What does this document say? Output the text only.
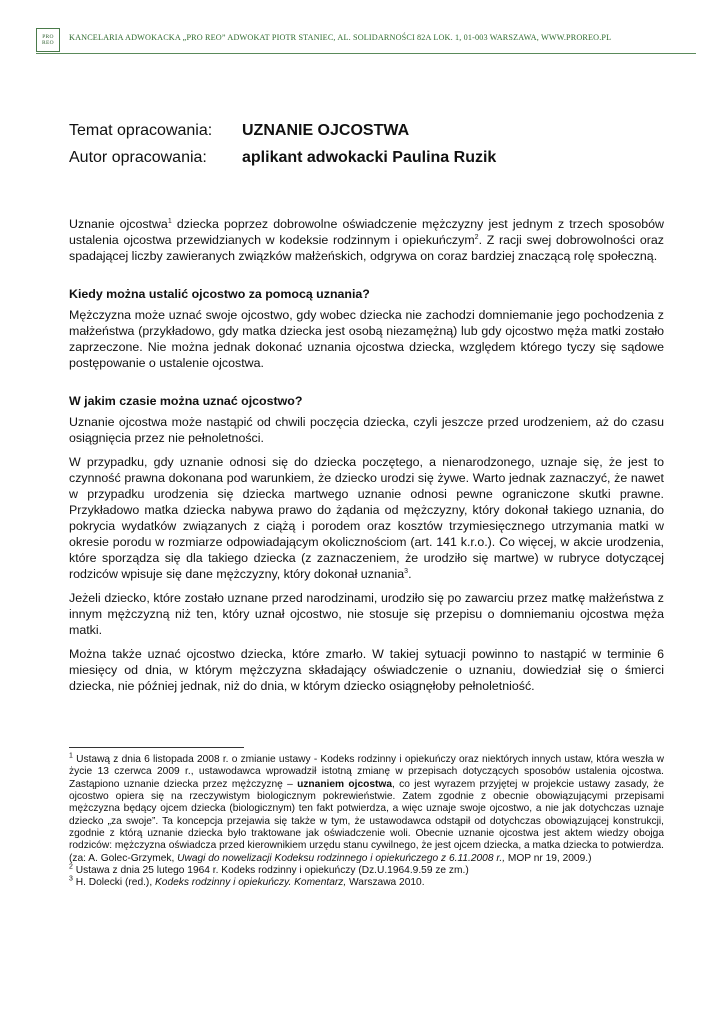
PRO
REO
KANCELARIA ADWOKACKA „PRO REO” ADWOKAT PIOTR STANIEC, AL. SOLIDARNOŚCI 82A LOK. 1, 01-003 WARSZAWA, WWW.PROREO.PL
Temat opracowania:	UZNANIE OJCOSTWA
Autor opracowania:	aplikant adwokacki Paulina Ruzik

Uznanie ojcostwa$^1$ dziecka poprzez dobrowolne oświadczenie mężczyzny jest jednym z trzech sposobów ustalenia ojcostwa przewidzianych w kodeksie rodzinnym i opiekuńczym$^2$. Z racji swej dobrowolności oraz spadającej liczby zawieranych związków małżeńskich, odgrywa on coraz bardziej znaczącą rolę społeczną.

Kiedy można ustalić ojcostwo za pomocą uznania?

Mężczyzna może uznać swoje ojcostwo, gdy wobec dziecka nie zachodzi domniemanie jego pochodzenia z małżeństwa (przykładowo, gdy matka dziecka jest osobą niezamężną) lub gdy ojcostwo męża matki zostało zaprzeczone. Nie można jednak dokonać uznania ojcostwa dziecka, względem którego tyczy się sądowe postępowanie o ustalenie ojcostwa.

W jakim czasie można uznać ojcostwo?

Uznanie ojcostwa może nastąpić od chwili poczęcia dziecka, czyli jeszcze przed urodzeniem, aż do czasu osiągnięcia przez nie pełnoletności.

W przypadku, gdy uznanie odnosi się do dziecka poczętego, a nienarodzonego, uznaje się, że jest to czynność prawna dokonana pod warunkiem, że dziecko urodzi się żywe. Warto jednak zaznaczyć, że nawet w przypadku urodzenia się dziecka martwego uznanie odnosi pewne ograniczone skutki prawne. Przykładowo matka dziecka nabywa prawo do żądania od mężczyzny, który dokonał takiego uznania, do pokrycia wydatków związanych z ciążą i porodem oraz kosztów trzymiesięcznego utrzymania matki w okresie porodu w rozmiarze odpowiadającym okolicznościom (art. 141 k.r.o.). Co więcej, w akcie urodzenia, które sporządza się dla takiego dziecka (z zaznaczeniem, że urodziło się martwe) w rubryce dotyczącej rodziców wpisuje się dane mężczyzny, który dokonał uznania$^3$.

Jeżeli dziecko, które zostało uznane przed narodzinami, urodziło się po zawarciu przez matkę małżeństwa z innym mężczyzną niż ten, który uznał ojcostwo, nie stosuje się przepisu o domniemaniu ojcostwa męża matki.

Można także uznać ojcostwo dziecka, które zmarło. W takiej sytuacji powinno to nastąpić w terminie 6 miesięcy od dnia, w którym mężczyzna składający oświadczenie o uznaniu, dowiedział się o śmierci dziecka, nie później jednak, niż do dnia, w którym dziecko osiągnęłoby pełnoletniość.

$^1$ Ustawą z dnia 6 listopada 2008 r. o zmianie ustawy - Kodeks rodzinny i opiekuńczy oraz niektórych innych ustaw, która weszła w życie 13 czerwca 2009 r., ustawodawca wprowadził istotną zmianę w przepisach dotyczących sposobów ustalenia ojcostwa. Zastąpiono uznanie dziecka przez mężczyznę – uznaniem ojcostwa, co jest wyrazem przyjętej w projekcie ustawy zasady, że ojcostwo opiera się na rzeczywistym biologicznym pokrewieństwie. Zatem zgodnie z obecnie obowiązującymi przepisami mężczyzna będący ojcem dziecka (biologicznym) ten fakt potwierdza, a więc uznaje swoje ojcostwo, a nie jak dotychczas uznaje dziecko „za swoje”. Ta koncepcja przejawia się także w tym, że ustawodawca odstąpił od dotychczas obowiązującej konstrukcji, zgodnie z którą uznanie dziecka było traktowane jak oświadczenie woli. Obecnie uznanie ojcostwa jest aktem wiedzy obojga rodziców: mężczyzna oświadcza przed kierownikiem urzędu stanu cywilnego, że jest ojcem dziecka, a matka dziecka to potwierdza. (za: A. Golec-Grzymek, Uwagi do nowelizacji Kodeksu rodzinnego i opiekuńczego z 6.11.2008 r., MOP nr 19, 2009.)

$^2$ Ustawa z dnia 25 lutego 1964 r. Kodeks rodzinny i opiekuńczy (Dz.U.1964.9.59 ze zm.)

$^3$ H. Dolecki (red.), Kodeks rodzinny i opiekuńczy. Komentarz, Warszawa 2010.
